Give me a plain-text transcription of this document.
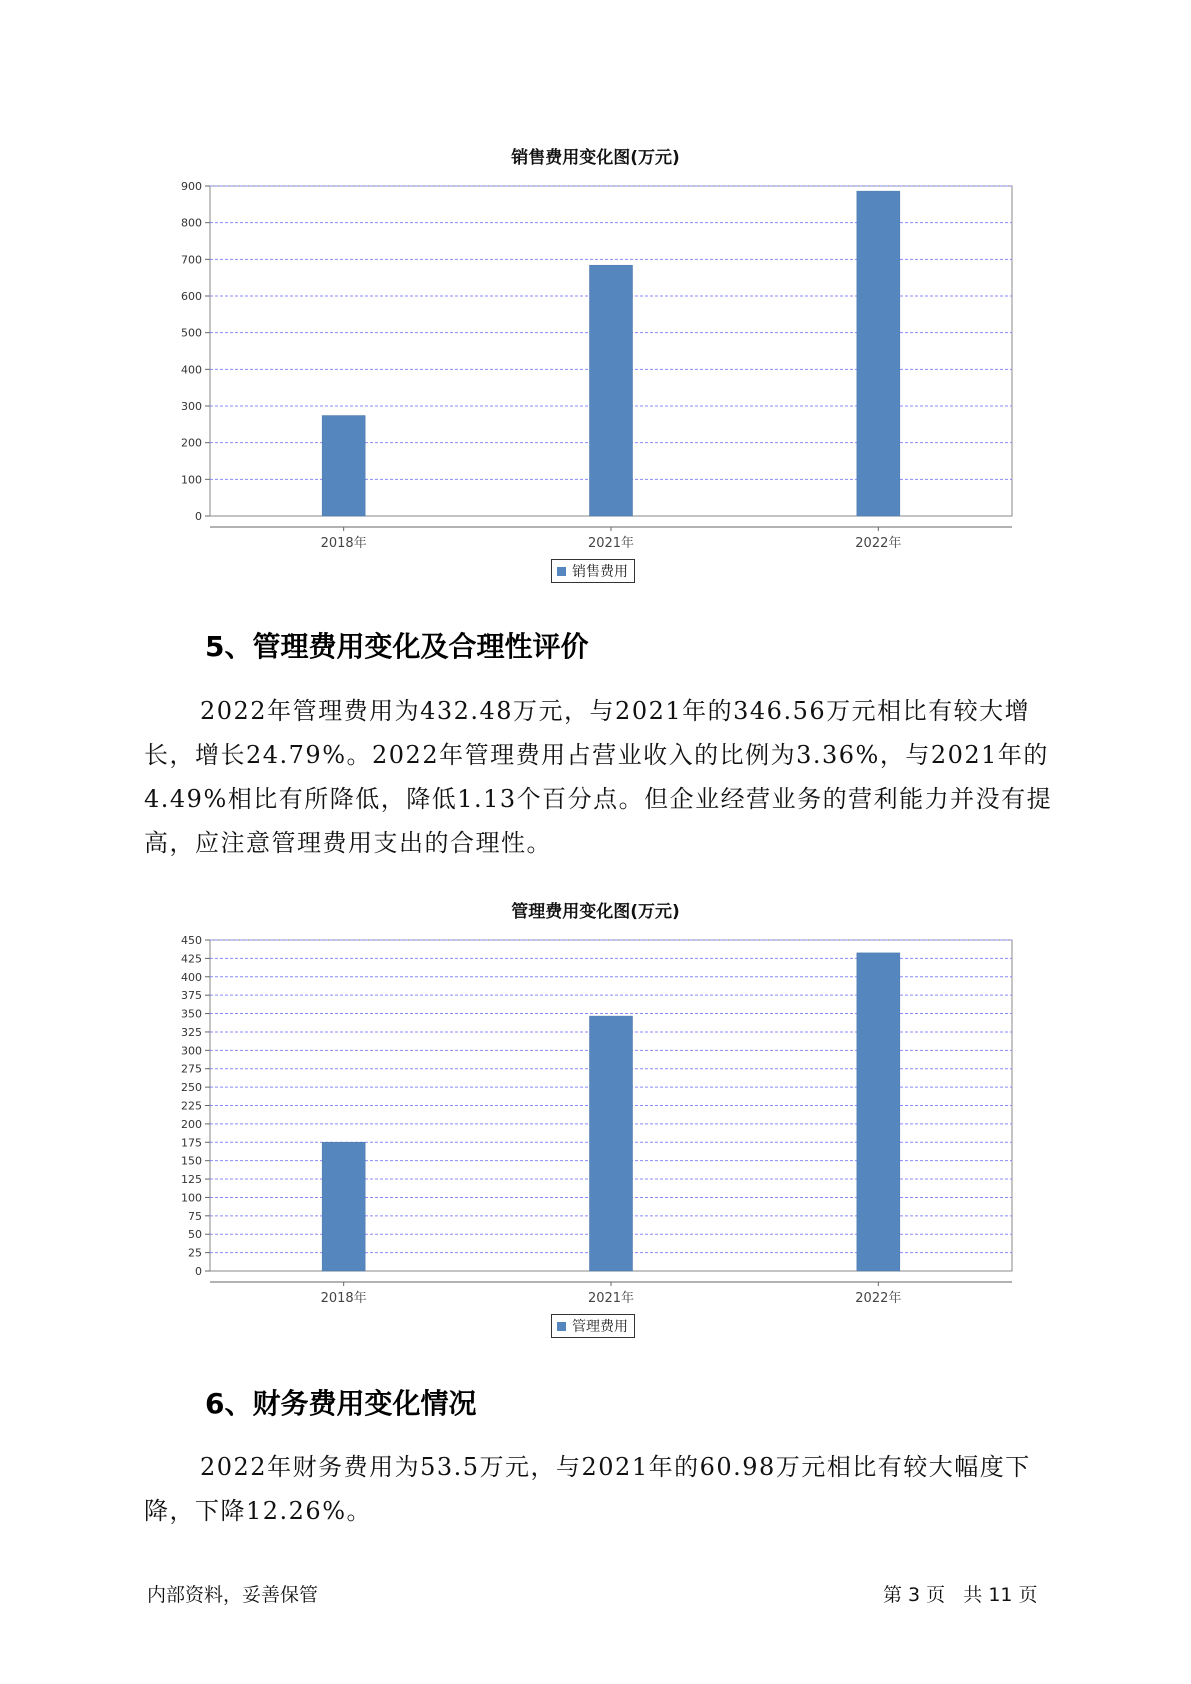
销售费用变化图(万元)
0
100
200
300
400
500
600
700
800
900
2018年	2021年	2022年
销售费用
5、管理费用变化及合理性评价
2022年管理费用为432.48万元，与2021年的346.56万元相比有较大增长，增长24.79%。2022年管理费用占营业收入的比例为3.36%，与2021年的4.49%相比有所降低，降低1.13个百分点。但企业经营业务的营利能力并没有提高，应注意管理费用支出的合理性。
管理费用变化图(万元)
0
25
50
75
100
125
150
175
200
225
250
275
300
325
350
375
400
425
450
2018年	2021年	2022年
管理费用
6、财务费用变化情况
2022年财务费用为53.5万元，与2021年的60.98万元相比有较大幅度下降，下降12.26%。
内部资料，妥善保管	第 3 页   共 11 页
